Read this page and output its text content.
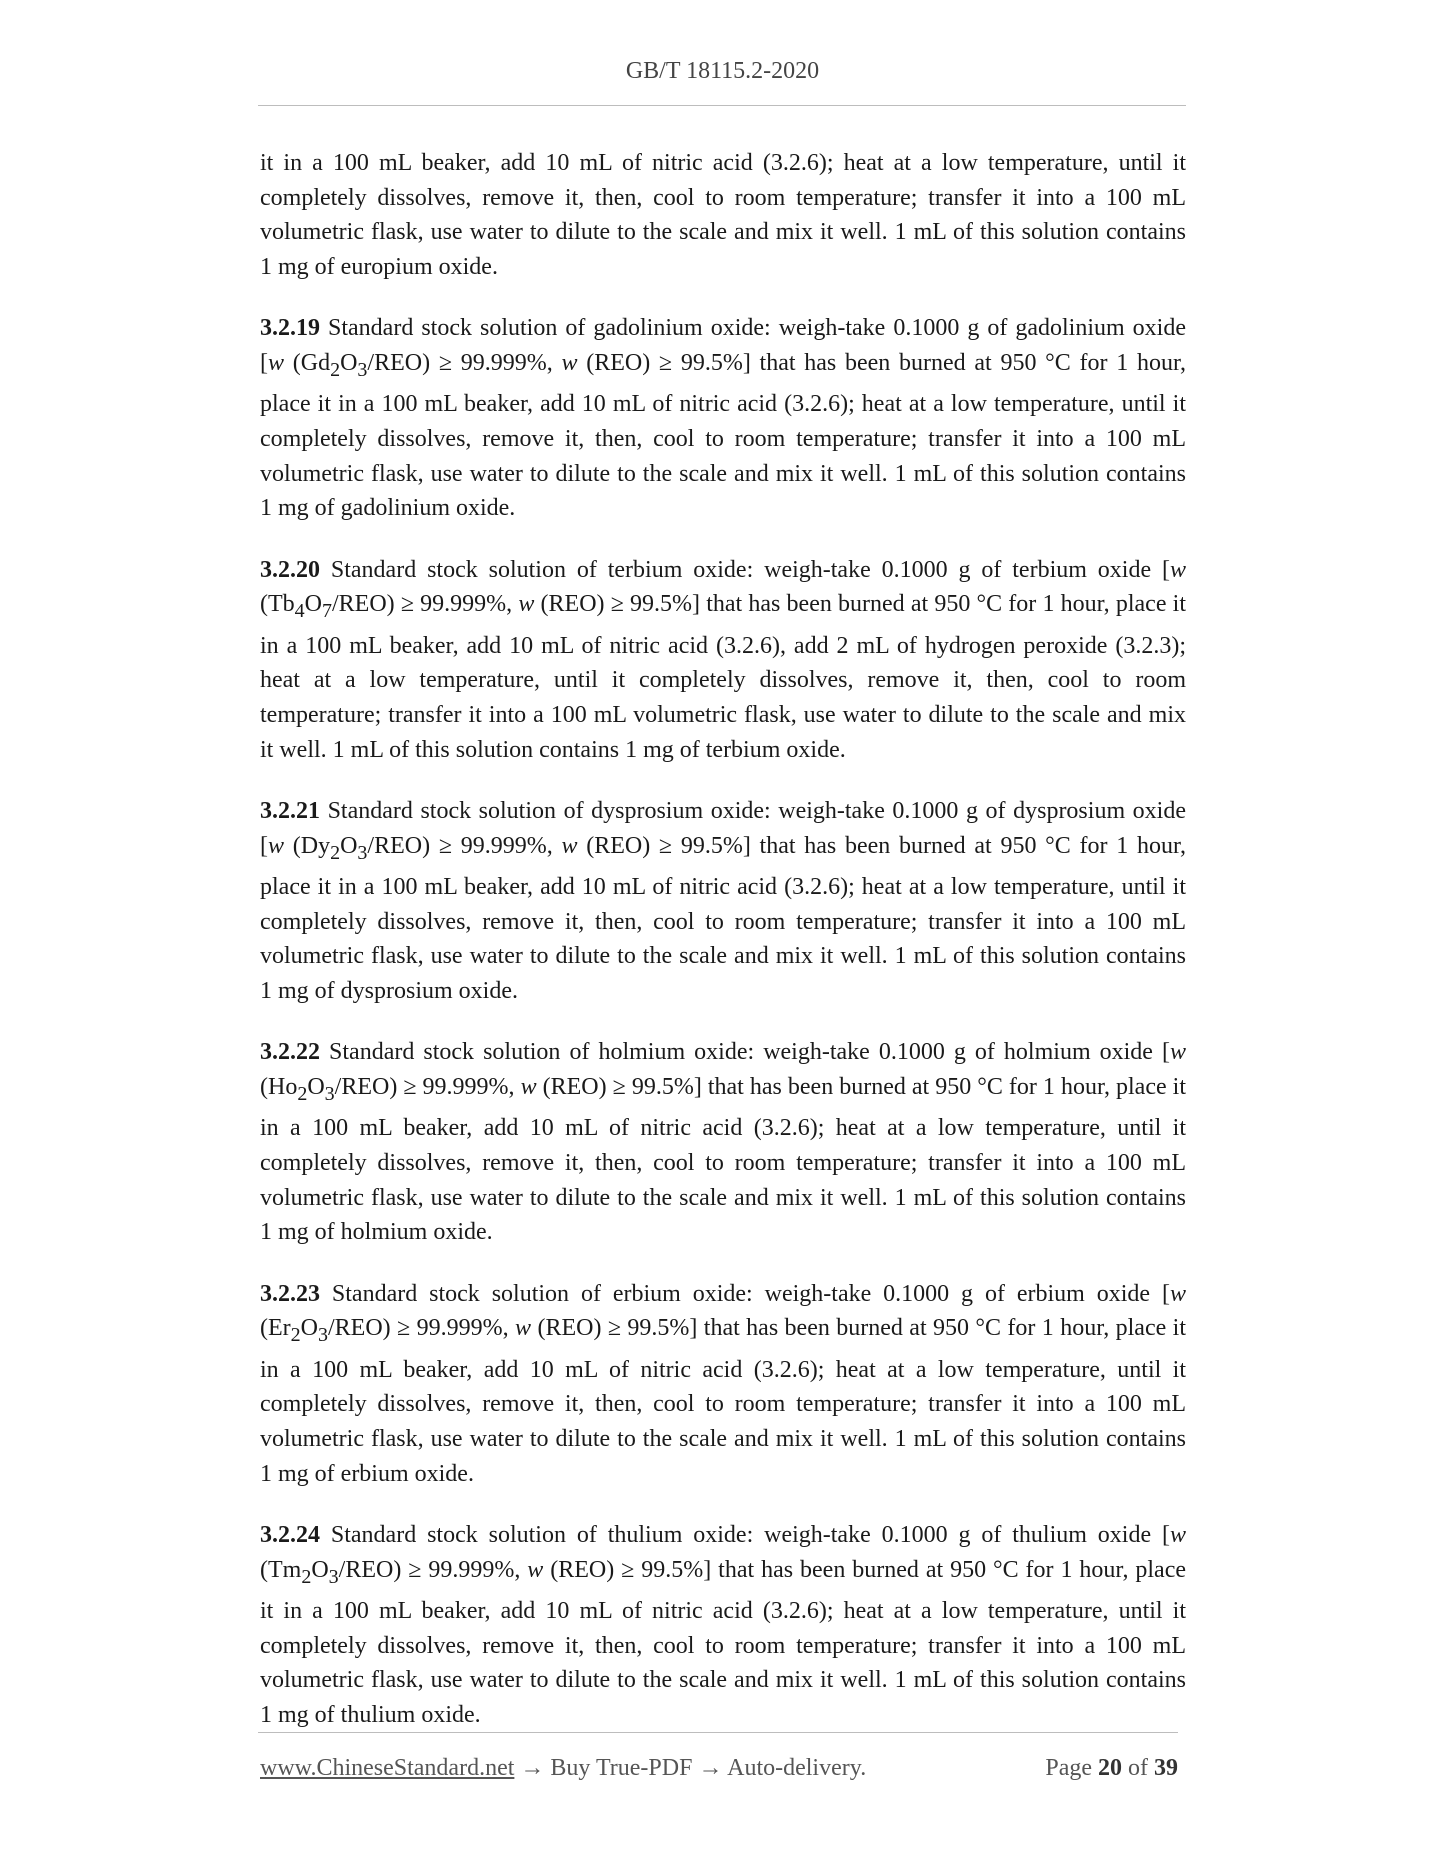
GB/T 18115.2-2020

it in a 100 mL beaker, add 10 mL of nitric acid (3.2.6); heat at a low temperature, until it completely dissolves, remove it, then, cool to room temperature; transfer it into a 100 mL volumetric flask, use water to dilute to the scale and mix it well. 1 mL of this solution contains 1 mg of europium oxide.

3.2.19 Standard stock solution of gadolinium oxide: weigh-take 0.1000 g of gadolinium oxide [w $(Gd_2O_3/REO) \ge 99.999\%$, w (REO) ≥ 99.5%] that has been burned at 950 °C for 1 hour, place it in a 100 mL beaker, add 10 mL of nitric acid (3.2.6); heat at a low temperature, until it completely dissolves, remove it, then, cool to room temperature; transfer it into a 100 mL volumetric flask, use water to dilute to the scale and mix it well. 1 mL of this solution contains 1 mg of gadolinium oxide.

3.2.20 Standard stock solution of terbium oxide: weigh-take 0.1000 g of terbium oxide [w $(Tb_4O_7/REO) \ge 99.999\%$, w (REO) ≥ 99.5%] that has been burned at 950 °C for 1 hour, place it in a 100 mL beaker, add 10 mL of nitric acid (3.2.6), add 2 mL of hydrogen peroxide (3.2.3); heat at a low temperature, until it completely dissolves, remove it, then, cool to room temperature; transfer it into a 100 mL volumetric flask, use water to dilute to the scale and mix it well. 1 mL of this solution contains 1 mg of terbium oxide.

3.2.21 Standard stock solution of dysprosium oxide: weigh-take 0.1000 g of dysprosium oxide [w $(Dy_2O_3/REO) \ge 99.999\%$, w (REO) ≥ 99.5%] that has been burned at 950 °C for 1 hour, place it in a 100 mL beaker, add 10 mL of nitric acid (3.2.6); heat at a low temperature, until it completely dissolves, remove it, then, cool to room temperature; transfer it into a 100 mL volumetric flask, use water to dilute to the scale and mix it well. 1 mL of this solution contains 1 mg of dysprosium oxide.

3.2.22 Standard stock solution of holmium oxide: weigh-take 0.1000 g of holmium oxide [w $(Ho_2O_3/REO) \ge 99.999\%$, w (REO) ≥ 99.5%] that has been burned at 950 °C for 1 hour, place it in a 100 mL beaker, add 10 mL of nitric acid (3.2.6); heat at a low temperature, until it completely dissolves, remove it, then, cool to room temperature; transfer it into a 100 mL volumetric flask, use water to dilute to the scale and mix it well. 1 mL of this solution contains 1 mg of holmium oxide.

3.2.23 Standard stock solution of erbium oxide: weigh-take 0.1000 g of erbium oxide [w $(Er_2O_3/REO) \ge 99.999\%$, w (REO) ≥ 99.5%] that has been burned at 950 °C for 1 hour, place it in a 100 mL beaker, add 10 mL of nitric acid (3.2.6); heat at a low temperature, until it completely dissolves, remove it, then, cool to room temperature; transfer it into a 100 mL volumetric flask, use water to dilute to the scale and mix it well. 1 mL of this solution contains 1 mg of erbium oxide.

3.2.24 Standard stock solution of thulium oxide: weigh-take 0.1000 g of thulium oxide [w $(Tm_2O_3/REO) \ge 99.999\%$, w (REO) ≥ 99.5%] that has been burned at 950 °C for 1 hour, place it in a 100 mL beaker, add 10 mL of nitric acid (3.2.6); heat at a low temperature, until it completely dissolves, remove it, then, cool to room temperature; transfer it into a 100 mL volumetric flask, use water to dilute to the scale and mix it well. 1 mL of this solution contains 1 mg of thulium oxide.

www.ChineseStandard.net → Buy True-PDF → Auto-delivery.	Page 20 of 39
